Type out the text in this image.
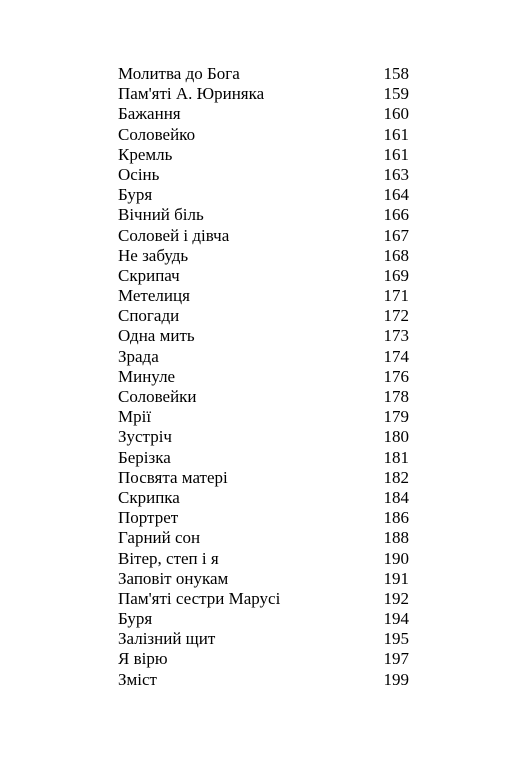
Молитва до Бога	158
Пам'яті А. Юриняка	159
Бажання	160
Соловейко	161
Кремль	161
Осінь	163
Буря	164
Вічний біль	166
Соловей і дівча	167
Не забудь	168
Скрипач	169
Метелиця	171
Спогади	172
Одна мить	173
Зрада	174
Минуле	176
Соловейки	178
Мрії	179
Зустріч	180
Берізка	181
Посвята матері	182
Скрипка	184
Портрет	186
Гарний сон	188
Вітер, степ і я	190
Заповіт онукам	191
Пам'яті сестри Марусі	192
Буря	194
Залізний щит	195
Я вірю	197
Зміст	199
